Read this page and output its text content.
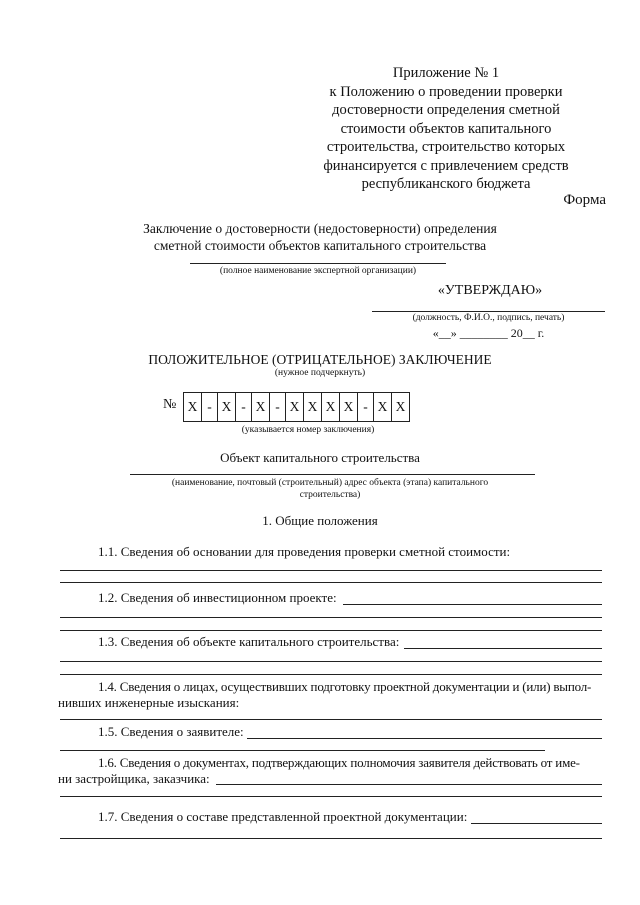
Приложение № 1
к Положению о проведении проверки
достоверности определения сметной
стоимости объектов капитального
строительства, строительство которых
финансируется с привлечением средств
республиканского бюджета
Форма
Заключение о достоверности (недостоверности) определения
сметной стоимости объектов капитального строительства
(полное наименование экспертной организации)
«УТВЕРЖДАЮ»
(должность, Ф.И.О., подпись, печать)
«__» ________ 20__ г.
ПОЛОЖИТЕЛЬНОЕ (ОТРИЦАТЕЛЬНОЕ) ЗАКЛЮЧЕНИЕ
(нужное подчеркнуть)
№ Х - Х - Х - Х Х Х Х - Х Х
(указывается номер заключения)
Объект капитального строительства
(наименование, почтовый (строительный) адрес объекта (этапа) капитального
строительства)
1. Общие положения
1.1. Сведения об основании для проведения проверки сметной стоимости:
1.2. Сведения об инвестиционном проекте:
1.3. Сведения об объекте капитального строительства:
1.4. Сведения о лицах, осуществивших подготовку проектной документации и (или) выпол-
нивших инженерные изыскания:
1.5. Сведения о заявителе:
1.6. Сведения о документах, подтверждающих полномочия заявителя действовать от име-
ни застройщика, заказчика:
1.7. Сведения о составе представленной проектной документации:
